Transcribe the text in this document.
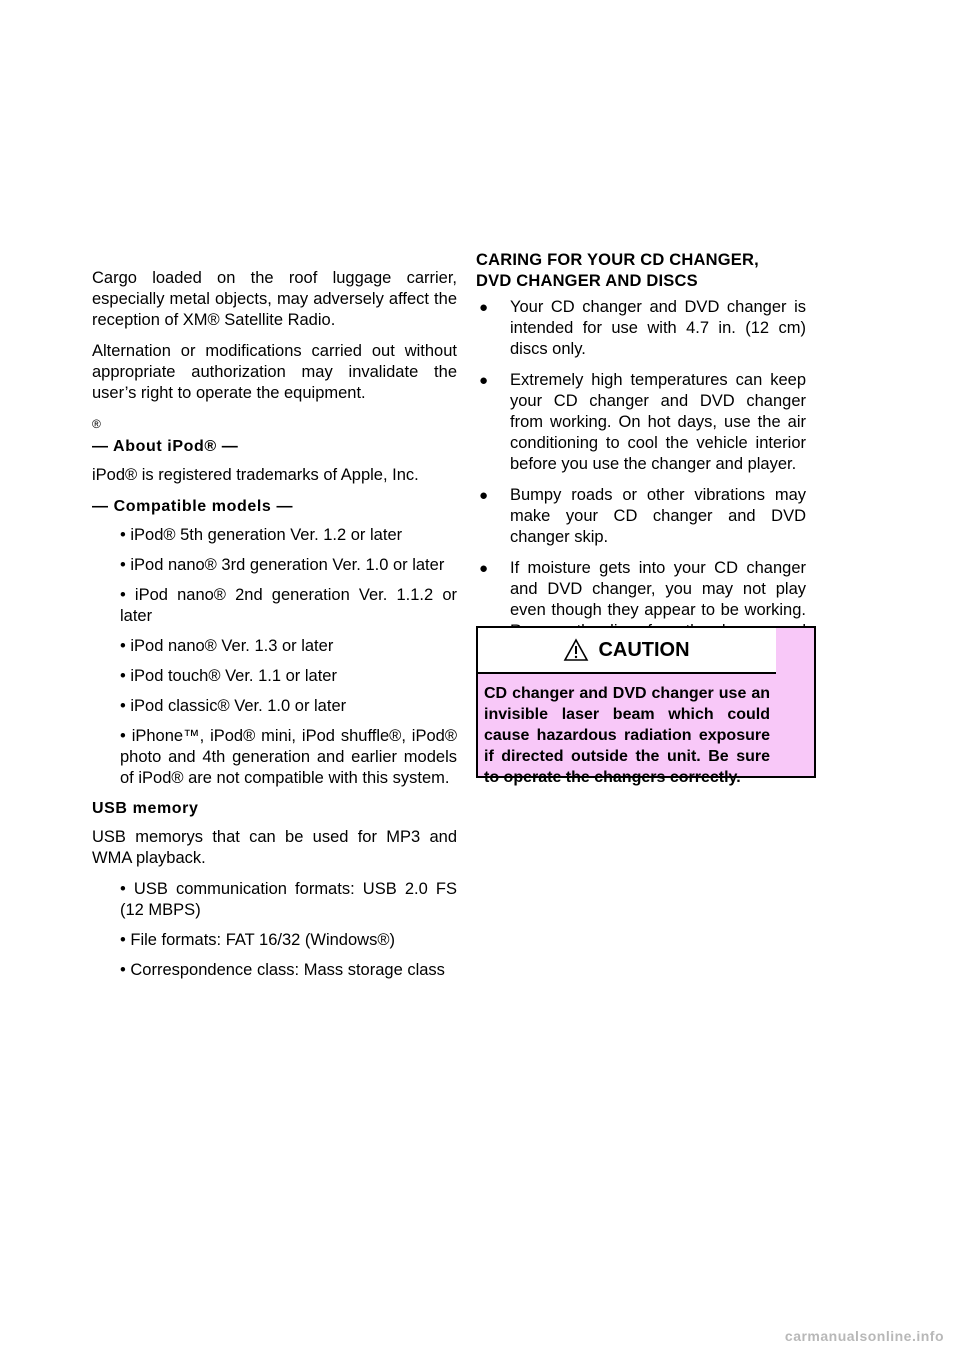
Cargo loaded on the roof luggage carrier, especially metal objects, may adversely affect the reception of XM® Satellite Radio.

Alternation or modifications carried out without appropriate authorization may invalidate the user’s right to operate the equipment.

®

— About iPod® —

iPod® is registered trademarks of Apple, Inc.

— Compatible models —

• iPod® 5th generation Ver. 1.2 or later

• iPod nano® 3rd generation Ver. 1.0 or later

• iPod nano® 2nd generation Ver. 1.1.2 or later

• iPod nano® Ver. 1.3 or later

• iPod touch® Ver. 1.1 or later

• iPod classic® Ver. 1.0 or later

• iPhone™, iPod® mini, iPod shuffle®, iPod® photo and 4th generation and earlier models of iPod® are not compatible with this system.

USB memory

USB memorys that can be used for MP3 and WMA playback.

• USB communication formats: USB 2.0 FS (12 MBPS)

• File formats: FAT 16/32 (Windows®)

• Correspondence class: Mass storage class

CARING FOR YOUR CD CHANGER,

DVD CHANGER AND DISCS

●	Your CD changer and DVD changer is intended for use with 4.7 in. (12 cm) discs only.
●	Extremely high temperatures can keep your CD changer and DVD changer from working. On hot days, use the air conditioning to cool the vehicle interior before you use the changer and player.
●	Bumpy roads or other vibrations may make your CD changer and DVD changer skip.
●	If moisture gets into your CD changer and DVD changer, you may not play even though they appear to be working.
CAUTION
CD changer and DVD changer use an invisible laser beam which could cause hazardous radiation exposure if directed outside the unit. Be sure to operate the changers correctly.
carmanualsonline.info
